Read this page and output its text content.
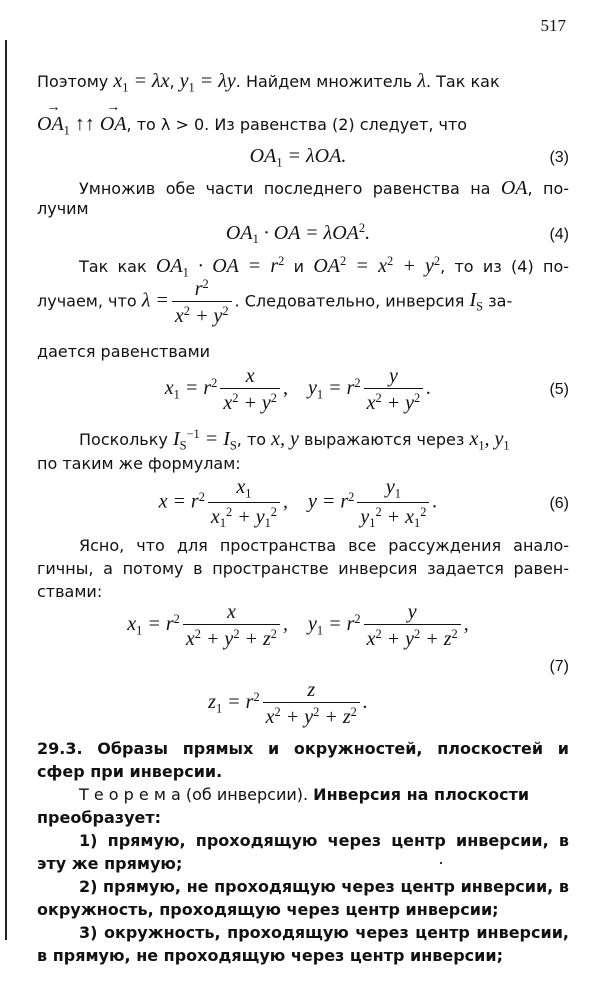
517
Поэтому $x_1 = \lambda x$, $y_1 = \lambda y$. Найдем множитель λ. Так как
→ $OA_1$ ↑↑ → OA, то λ > 0. Из равенства (2) следует, что
$OA_1 = \lambda OA$.	(3)
Умножив обе части последнего равенства на OA, по-
лучим
$OA_1$ · OA = λOA$^2$.	(4)
Так как $OA_1$ · OA = $r^2$ и $OA^2 = x^2 + y^2$, то из (4) по-
лучаем, что $\lambda = \frac{r^2}{x^2 + y^2}$ . Следовательно, инверсия $I_S$ за-
дается равенствами
$x_1 = r^2 \frac{x}{x^2 + y^2}$ ,    $y_1 = r^2 \frac{y}{x^2 + y^2}$ .	(5)
Поскольку $I_S^{-1} = I_S$, то x, y выражаются через $x_1$, $y_1$
по таким же формулам:
$x = r^2 \frac{x_1}{x_1^2 + y_1^2}$ ,    $y = r^2 \frac{y_1}{y_1^2 + x_1^2}$ .	(6)
Ясно, что для пространства все рассуждения анало-
гичны, а потому в пространстве инверсия задается равен-
ствами:
$x_1 = r^2 \frac{x}{x^2 + y^2 + z^2}$ ,    $y_1 = r^2 \frac{y}{x^2 + y^2 + z^2}$ ,
(7)
$z_1 = r^2 \frac{z}{x^2 + y^2 + z^2}$ .
29.3. Образы прямых и окружностей, плоскостей и
сфер при инверсии.
Т е о р е м а (об инверсии). Инверсия на плоскости
преобразует:
1) прямую, проходящую через центр инверсии, в
эту же прямую;
2) прямую, не проходящую через центр инверсии, в
окружность, проходящую через центр инверсии;
3) окружность, проходящую через центр инверсии,
в прямую, не проходящую через центр инверсии;
